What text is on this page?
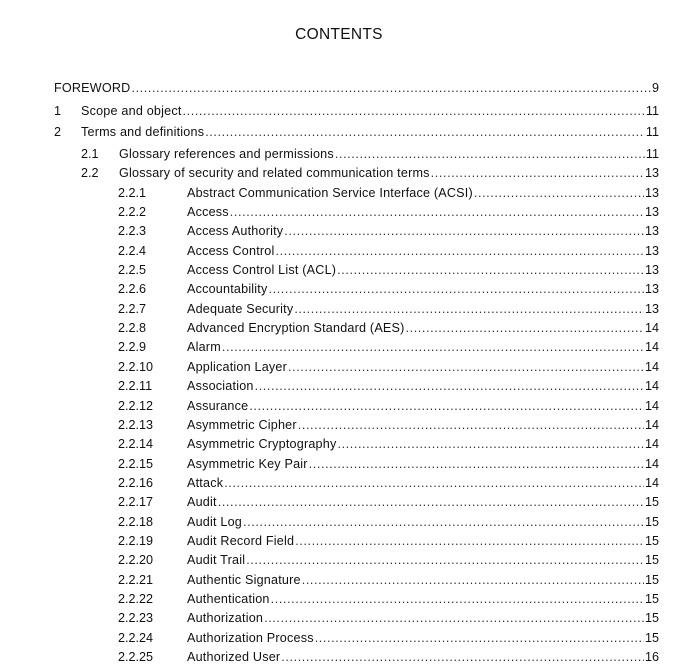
CONTENTS
FOREWORD .....	9
1	Scope and object .....	11
2	Terms and definitions .....	11
2.1	Glossary references and permissions .....	11
2.2	Glossary of security and related communication terms .....	13
2.2.1	Abstract Communication Service Interface (ACSI) .....	13
2.2.2	Access .....	13
2.2.3	Access Authority .....	13
2.2.4	Access Control .....	13
2.2.5	Access Control List (ACL) .....	13
2.2.6	Accountability .....	13
2.2.7	Adequate Security .....	13
2.2.8	Advanced Encryption Standard (AES) .....	14
2.2.9	Alarm .....	14
2.2.10	Application Layer .....	14
2.2.11	Association .....	14
2.2.12	Assurance .....	14
2.2.13	Asymmetric Cipher .....	14
2.2.14	Asymmetric Cryptography .....	14
2.2.15	Asymmetric Key Pair .....	14
2.2.16	Attack .....	14
2.2.17	Audit .....	15
2.2.18	Audit Log .....	15
2.2.19	Audit Record Field .....	15
2.2.20	Audit Trail .....	15
2.2.21	Authentic Signature .....	15
2.2.22	Authentication .....	15
2.2.23	Authorization .....	15
2.2.24	Authorization Process .....	15
2.2.25	Authorized User .....	16
